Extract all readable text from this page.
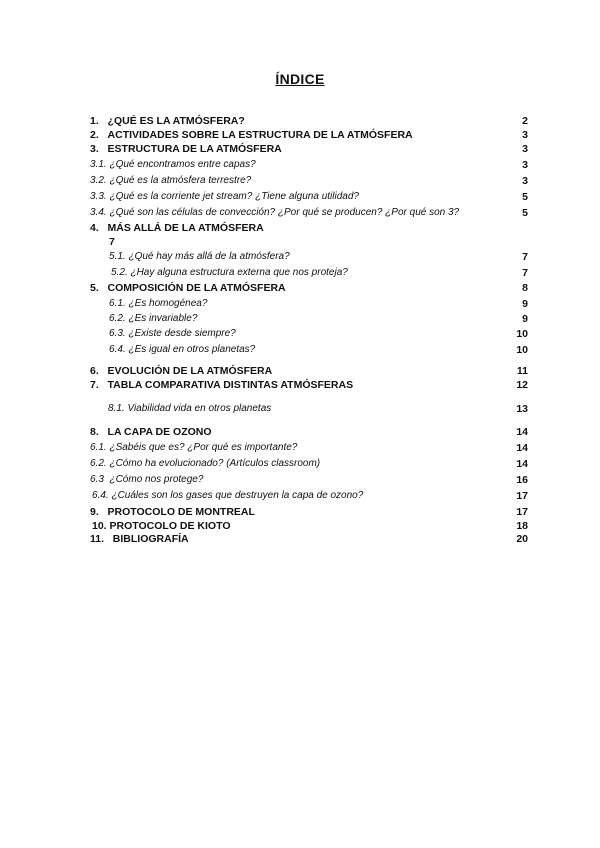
ÍNDICE
1. ¿QUÉ ES LA ATMÓSFERA?	2
2. ACTIVIDADES SOBRE LA ESTRUCTURA DE LA ATMÓSFERA	3
3. ESTRUCTURA DE LA ATMÓSFERA	3
3.1. ¿Qué encontramos entre capas?	3
3.2. ¿Qué es la atmósfera terrestre?	3
3.3. ¿Qué es la corriente jet stream? ¿Tiene alguna utilidad?	5
3.4. ¿Qué son las células de convección? ¿Por qué se producen? ¿Por qué son 3?	5
4. MÁS ALLÁ DE LA ATMÓSFERA
7
5.1. ¿Qué hay más allá de la atmósfera?	7
5.2. ¿Hay alguna estructura externa que nos proteja?	7
5. COMPOSICIÓN DE LA ATMÓSFERA	8
6.1. ¿Es homogénea?	9
6.2. ¿Es invariable?	9
6.3. ¿Existe desde siempre?	10
6.4. ¿Es igual en otros planetas?	10
6. EVOLUCIÓN DE LA ATMÓSFERA	11
7. TABLA COMPARATIVA DISTINTAS ATMÓSFERAS	12
8.1. Viabilidad vida en otros planetas	13
8. LA CAPA DE OZONO	14
6.1. ¿Sabéis que es? ¿Por qué es importante?	14
6.2. ¿Cómo ha evolucionado? (Artículos classroom)	14
6.3 ¿Cómo nos protege?	16
6.4. ¿Cuáles son los gases que destruyen la capa de ozono?	17
9. PROTOCOLO DE MONTREAL	17
10. PROTOCOLO DE KIOTO	18
11. BIBLIOGRAFÍA	20
